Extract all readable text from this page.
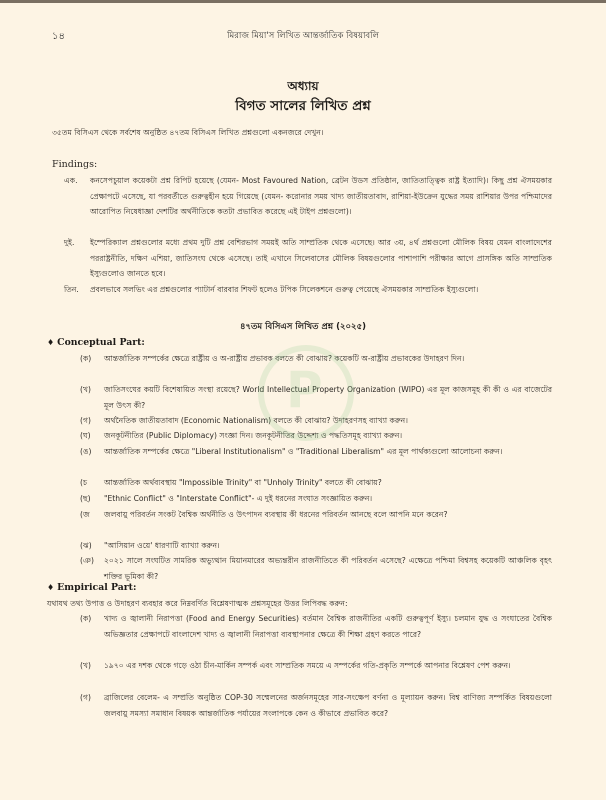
১৪	মিরাজ মিয়া'স লিখিত আন্তর্জাতিক বিষয়াবলি
অধ্যায়
বিগত সালের লিখিত প্রশ্ন
৩৫তম বিসিএস থেকে সর্বশেষ অনুষ্ঠিত ৪৭তম বিসিএস লিখিত প্রশ্নগুলো একনজরে দেখুন।
Findings:
এক. কনসেপচুয়াল কয়েকটা প্রশ্ন রিপিট হয়েছে (যেমন- Most Favoured Nation, ব্রেটন উডস প্রতিষ্ঠান, জাতিতাত্ত্বিক রাষ্ট্র ইত্যাদি)। কিছু প্রশ্ন ঐসময়কার প্রেক্ষাপটে এসেছে, যা পরবর্তীতে গুরুত্বহীন হয়ে গিয়েছে (যেমন- করোনার সময় খাদ্য জাতীয়তাবাদ, রাশিয়া-ইউক্রেন যুদ্ধের সময় রাশিয়ার উপর পশ্চিমাদের আরোপিত নিষেধাজ্ঞা দেশটির অর্থনীতিকে কতটা প্রভাবিত করেছে এই টাইপ প্রশ্নগুলো)।
দুই. ইম্পেরিক্যাল প্রশ্নগুলোর মধ্যে প্রথম দুটি প্রশ্ন বেশিরভাগ সময়ই অতি সাম্প্রতিক থেকে এসেছে। আর ৩য়, ৪র্থ প্রশ্নগুলো মৌলিক বিষয় যেমন বাংলাদেশের পররাষ্ট্রনীতি, দক্ষিণ এশিয়া, জাতিসংঘ থেকে এসেছে। তাই এখানে সিলেবাসের মৌলিক বিষয়গুলোর পাশাপাশি পরীক্ষার আগে প্রাসঙ্গিক অতি সাম্প্রতিক ইস্যুগুলোও জানতে হবে।
তিন. প্রবলভাবে সলভিং এর প্রশ্নগুলোর প্যাটার্ন বারবার শিফট হলেও টপিক সিলেকশনে গুরুত্ব পেয়েছে ঐসময়কার সাম্প্রতিক ইস্যুগুলো।
৪৭তম বিসিএস লিখিত প্রশ্ন (২০২৫)
♦ Conceptual Part:
(ক) আন্তর্জাতিক সম্পর্কের ক্ষেত্রে রাষ্ট্রীয় ও অ-রাষ্ট্রীয় প্রভাবক বলতে কী বোঝায়? কয়েকটি অ-রাষ্ট্রীয় প্রভাবকের উদাহরণ দিন।
(খ) জাতিসংঘের কয়টি বিশেষায়িত সংস্থা রয়েছে? World Intellectual Property Organization (WIPO) এর মূল কাজসমূহ কী কী ও এর বাজেটের মূল উৎস কী?
(গ) অর্থনৈতিক জাতীয়তাবাদ (Economic Nationalism) বলতে কী বোঝায়? উদাহরণসহ ব্যাখ্যা করুন।
(ঘ) জনকূটনীতির (Public Diplomacy) সংজ্ঞা দিন। জনকূটনীতির উদ্দেশ্য ও পদ্ধতিসমূহ ব্যাখ্যা করুন।
(ঙ) আন্তর্জাতিক সম্পর্কের ক্ষেত্রে "Liberal Institutionalism" ও "Traditional Liberalism" এর মূল পার্থক্যগুলো আলোচনা করুন।
(চ আন্তর্জাতিক অর্থব্যবস্থায় "Impossible Trinity" বা "Unholy Trinity" বলতে কী বোঝায়?
(ছ) "Ethnic Conflict" ও "Interstate Conflict"- এ দুই ধরনের সংঘাত সংজ্ঞায়িত করুন।
(জ জলবায়ু পরিবর্তন সংকট বৈশ্বিক অর্থনীতি ও উৎপাদন ব্যবস্থায় কী ধরনের পরিবর্তন আনছে বলে আপনি মনে করেন?
(ঝ) "আসিয়ান ওয়ে' ধারণাটি ব্যাখ্যা করুন।
(ঞ) ২০২১ সালে সংঘটিত সামরিক অভ্যুত্থান মিয়ানমারের অভ্যন্তরীন রাজনীতিতে কী পরিবর্তন এসেছে? এক্ষেত্রে পশ্চিমা বিশ্বসহ কয়েকটি আঞ্চলিক বৃহৎ শক্তির ভূমিকা কী?
♦ Empirical Part:
যথাযথ তথ্য উপাত্ত ও উদাহরণ ব্যবহার করে নিম্নবর্ণিত বিশ্লেষণাত্মক প্রশ্নসমূহের উত্তর লিপিবদ্ধ করুন:
(ক) খাদ্য ও জ্বালানী নিরাপত্তা (Food and Energy Securities) বর্তমান বৈশ্বিক রাজনীতির একটি গুরুত্বপূর্ণ ইস্যু। চলমান যুদ্ধ ও সংঘাতের বৈশ্বিক অভিজ্ঞতার প্রেক্ষাপটে বাংলাদেশ খাদ্য ও জ্বালানী নিরাপত্তা ব্যবস্থাপনার ক্ষেত্রে কী শিক্ষা গ্রহণ করতে পারে?
(খ) ১৯৭০ এর দশক থেকে গড়ে ওঠা চীন-মার্কিন সম্পর্ক এবং সাম্প্রতিক সময়ে এ সম্পর্কের গতি-প্রকৃতি সম্পর্কে আপনার বিশ্লেষণ পেশ করুন।
(গ) ব্রাজিলের বেলেম- এ সম্প্রতি অনুষ্ঠিত COP-30 সম্মেলনের অর্জনসমূহের সার-সংক্ষেপ বর্ণনা ও মূল্যায়ন করুন। বিশ্ব বাণিজ্য সম্পর্কিত বিষয়গুলো জলবায়ু সমস্যা সমাধান বিষয়ক আন্তর্জাতিক পর্যায়ের সংলাপকে কেন ও কীভাবে প্রভাবিত করে?
P
